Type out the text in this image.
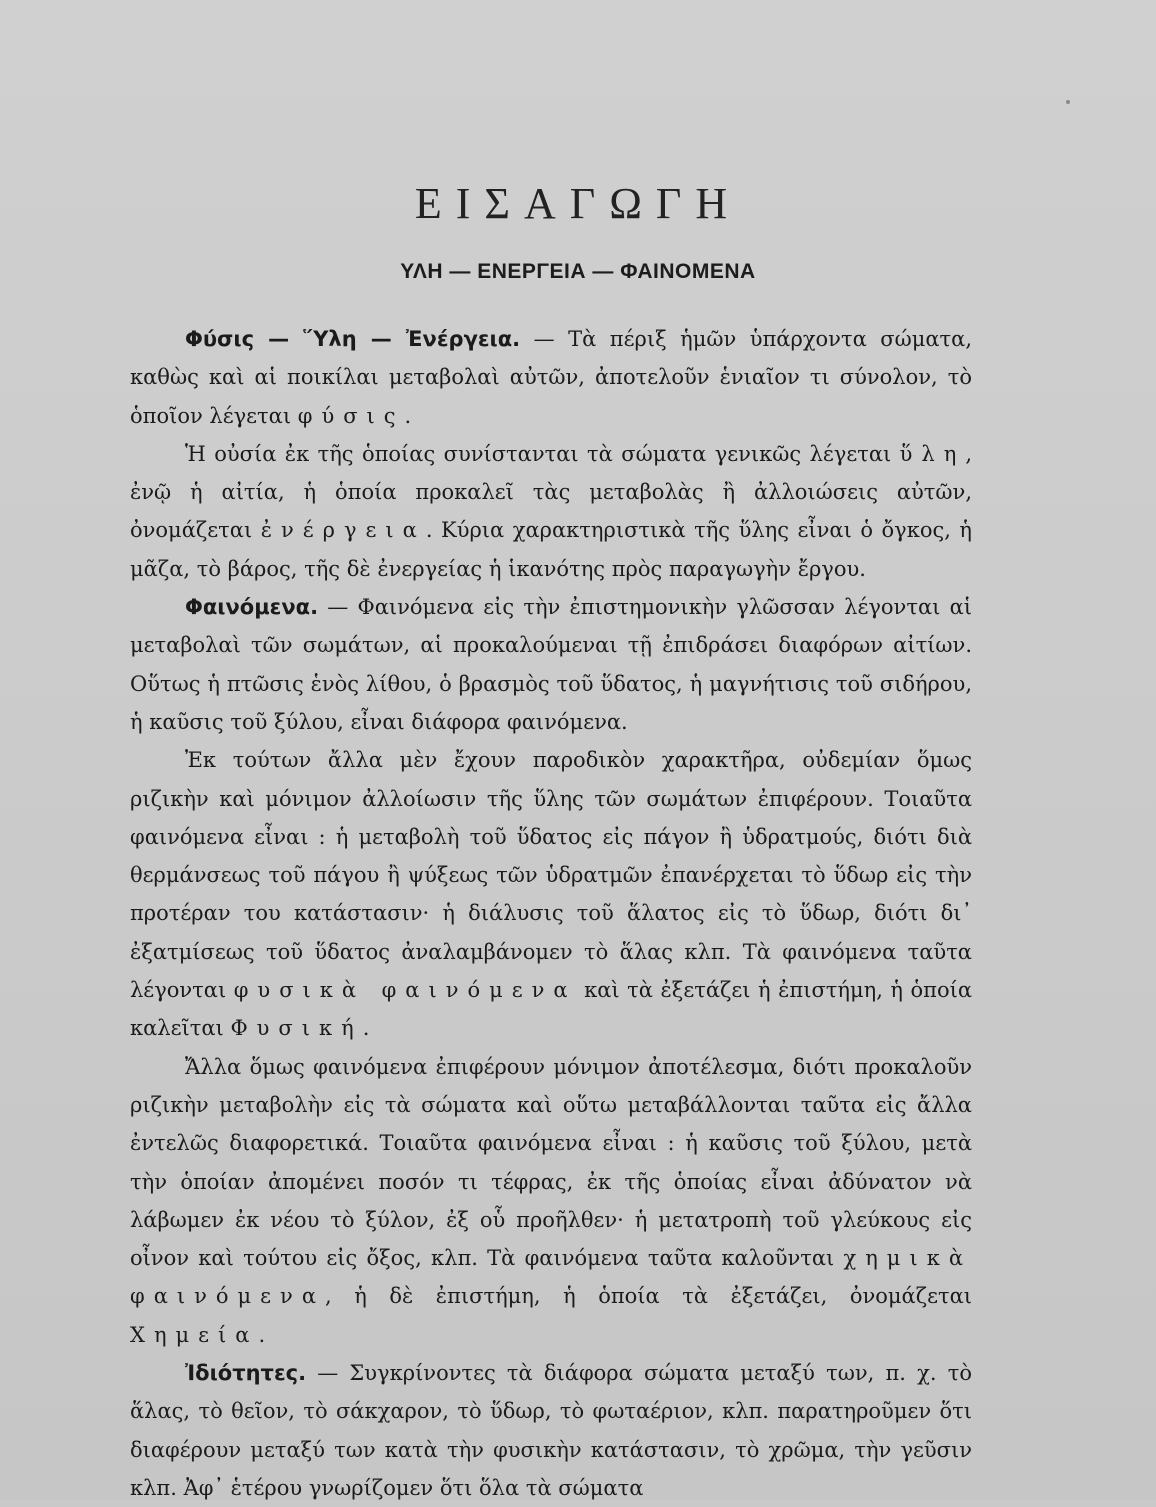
ΕΙΣΑΓΩΓΗ
ΥΛΗ — ΕΝΕΡΓΕΙΑ — ΦΑΙΝΟΜΕΝΑ

Φύσις — Ὕλη — Ἐνέργεια. — Τὰ πέριξ ἡμῶν ὑπάρχοντα σώματα, καθὼς καὶ αἱ ποικίλαι μεταβολαὶ αὐτῶν, ἀποτελοῦν ἑνιαῖον τι σύνολον, τὸ ὁποῖον λέγεται φύσις.

Ἡ οὐσία ἐκ τῆς ὁποίας συνίστανται τὰ σώματα γενικῶς λέγεται ὕλη, ἐνῷ ἡ αἰτία, ἡ ὁποία προκαλεῖ τὰς μεταβολὰς ἢ ἀλλοιώσεις αὐτῶν, ὀνομάζεται ἐνέργεια. Κύρια χαρακτηριστικὰ τῆς ὕλης εἶναι ὁ ὄγκος, ἡ μᾶζα, τὸ βάρος, τῆς δὲ ἐνεργείας ἡ ἱκανότης πρὸς παραγωγὴν ἔργου.

Φαινόμενα. — Φαινόμενα εἰς τὴν ἐπιστημονικὴν γλῶσσαν λέγονται αἱ μεταβολαὶ τῶν σωμάτων, αἱ προκαλούμεναι τῇ ἐπιδράσει διαφόρων αἰτίων. Οὕτως ἡ πτῶσις ἑνὸς λίθου, ὁ βρασμὸς τοῦ ὕδατος, ἡ μαγνήτισις τοῦ σιδήρου, ἡ καῦσις τοῦ ξύλου, εἶναι διάφορα φαινόμενα.

Ἐκ τούτων ἄλλα μὲν ἔχουν παροδικὸν χαρακτῆρα, οὐδεμίαν ὅμως ριζικὴν καὶ μόνιμον ἀλλοίωσιν τῆς ὕλης τῶν σωμάτων ἐπιφέρουν. Τοιαῦτα φαινόμενα εἶναι : ἡ μεταβολὴ τοῦ ὕδατος εἰς πάγον ἢ ὑδρατμούς, διότι διὰ θερμάνσεως τοῦ πάγου ἢ ψύξεως τῶν ὑδρατμῶν ἐπανέρχεται τὸ ὕδωρ εἰς τὴν προτέραν του κατάστασιν· ἡ διάλυσις τοῦ ἅλατος εἰς τὸ ὕδωρ, διότι δι᾽ ἐξατμίσεως τοῦ ὕδατος ἀναλαμβάνομεν τὸ ἅλας κλπ. Τὰ φαινόμενα ταῦτα λέγονται φυσικὰ φαινόμενα καὶ τὰ ἐξετάζει ἡ ἐπιστήμη, ἡ ὁποία καλεῖται Φυσική.

Ἄλλα ὅμως φαινόμενα ἐπιφέρουν μόνιμον ἀποτέλεσμα, διότι προκαλοῦν ριζικὴν μεταβολὴν εἰς τὰ σώματα καὶ οὕτω μεταβάλλονται ταῦτα εἰς ἄλλα ἐντελῶς διαφορετικά. Τοιαῦτα φαινόμενα εἶναι : ἡ καῦσις τοῦ ξύλου, μετὰ τὴν ὁποίαν ἀπομένει ποσόν τι τέφρας, ἐκ τῆς ὁποίας εἶναι ἀδύνατον νὰ λάβωμεν ἐκ νέου τὸ ξύλον, ἐξ οὗ προῆλθεν· ἡ μετατροπὴ τοῦ γλεύκους εἰς οἶνον καὶ τούτου εἰς ὄξος, κλπ. Τὰ φαινόμενα ταῦτα καλοῦνται χημικὰ φαινόμενα, ἡ δὲ ἐπιστήμη, ἡ ὁποία τὰ ἐξετάζει, ὀνομάζεται Χημεία.

Ἰδιότητες. — Συγκρίνοντες τὰ διάφορα σώματα μεταξύ των, π. χ. τὸ ἅλας, τὸ θεῖον, τὸ σάκχαρον, τὸ ὕδωρ, τὸ φωταέριον, κλπ. παρατηροῦμεν ὅτι διαφέρουν μεταξύ των κατὰ τὴν φυσικὴν κατάστασιν, τὸ χρῶμα, τὴν γεῦσιν κλπ. Ἀφ᾽ ἑτέρου γνωρίζομεν ὅτι ὅλα τὰ σώματα
